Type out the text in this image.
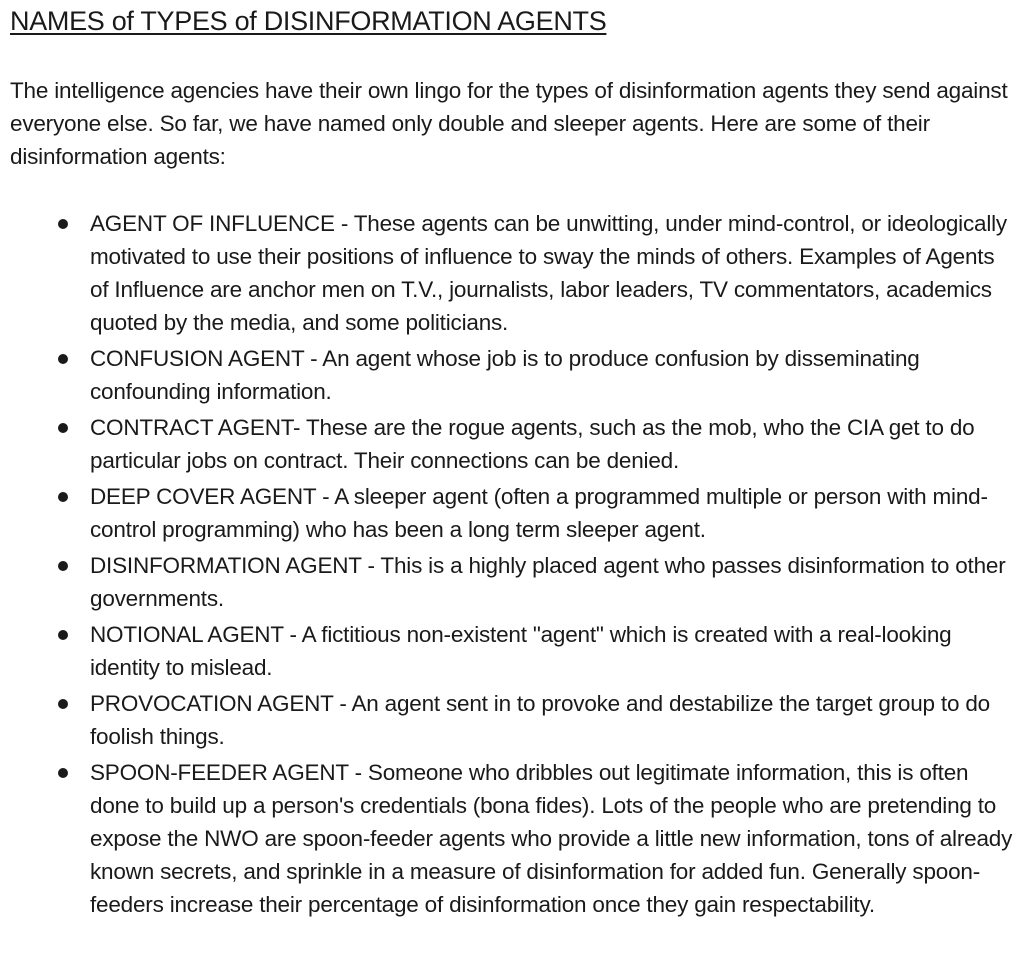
NAMES of TYPES of DISINFORMATION AGENTS

The intelligence agencies have their own lingo for the types of disinformation agents they send against everyone else. So far, we have named only double and sleeper agents. Here are some of their disinformation agents:

AGENT OF INFLUENCE - These agents can be unwitting, under mind-control, or ideologically motivated to use their positions of influence to sway the minds of others. Examples of Agents of Influence are anchor men on T.V., journalists, labor leaders, TV commentators, academics quoted by the media, and some politicians.
CONFUSION AGENT - An agent whose job is to produce confusion by disseminating confounding information.
CONTRACT AGENT- These are the rogue agents, such as the mob, who the CIA get to do particular jobs on contract. Their connections can be denied.
DEEP COVER AGENT - A sleeper agent (often a programmed multiple or person with mind-control programming) who has been a long term sleeper agent.
DISINFORMATION AGENT - This is a highly placed agent who passes disinformation to other governments.
NOTIONAL AGENT - A fictitious non-existent "agent" which is created with a real-looking identity to mislead.
PROVOCATION AGENT - An agent sent in to provoke and destabilize the target group to do foolish things.
SPOON-FEEDER AGENT - Someone who dribbles out legitimate information, this is often done to build up a person's credentials (bona fides). Lots of the people who are pretending to expose the NWO are spoon-feeder agents who provide a little new information, tons of already known secrets, and sprinkle in a measure of disinformation for added fun. Generally spoon-feeders increase their percentage of disinformation once they gain respectability.
